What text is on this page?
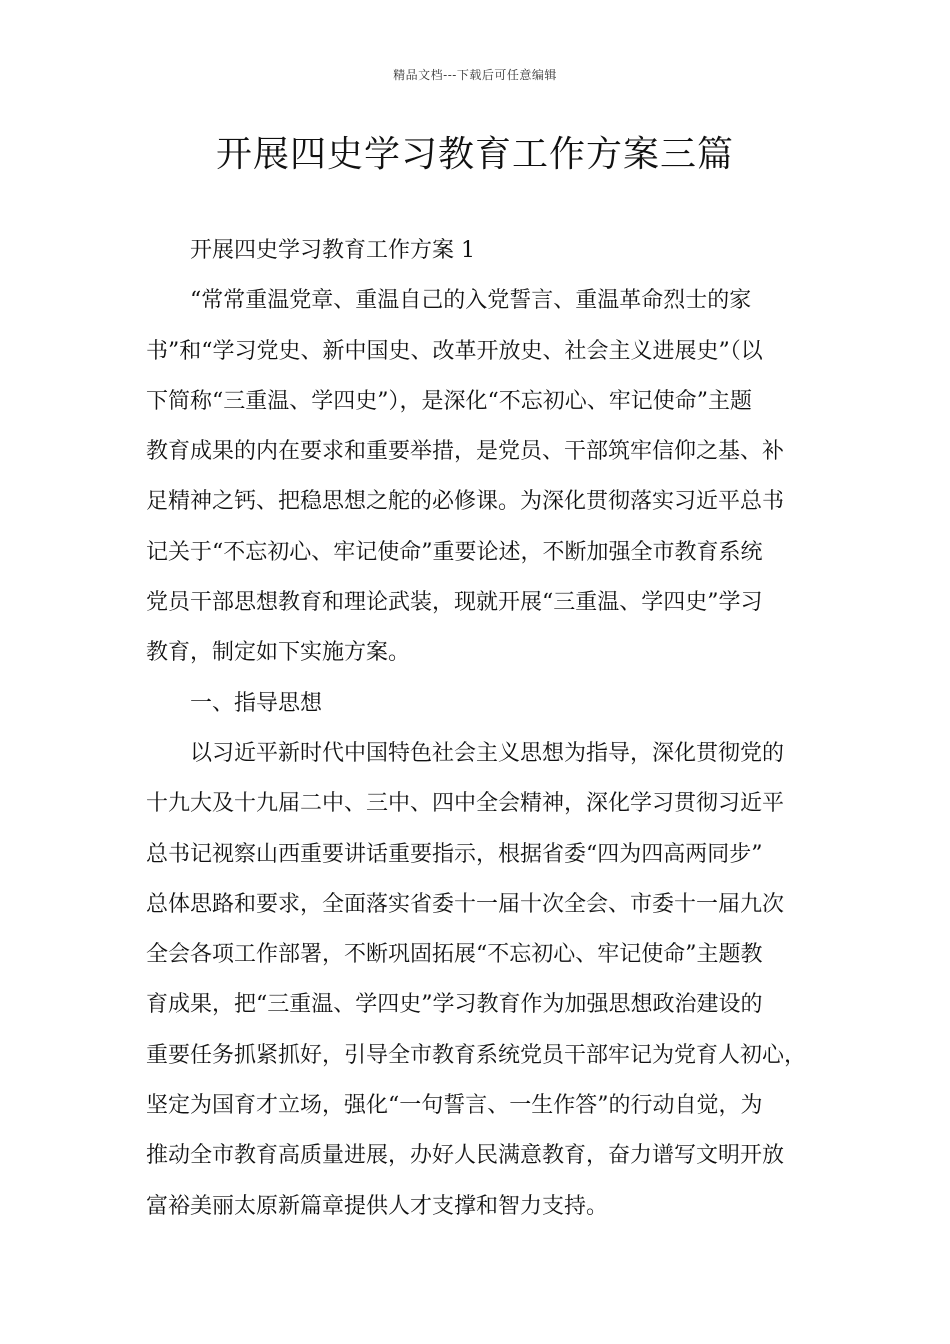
精品文档---下载后可任意编辑
开展四史学习教育工作方案三篇
开展四史学习教育工作方案 1
“常常重温党章、重温自己的入党誓言、重温革命烈士的家
书”和“学习党史、新中国史、改革开放史、社会主义进展史”（以
下简称“三重温、学四史”），是深化“不忘初心、牢记使命”主题
教育成果的内在要求和重要举措，是党员、干部筑牢信仰之基、补
足精神之钙、把稳思想之舵的必修课。为深化贯彻落实习近平总书
记关于“不忘初心、牢记使命”重要论述，不断加强全市教育系统
党员干部思想教育和理论武装，现就开展“三重温、学四史”学习
教育，制定如下实施方案。
一、指导思想
以习近平新时代中国特色社会主义思想为指导，深化贯彻党的
十九大及十九届二中、三中、四中全会精神，深化学习贯彻习近平
总书记视察山西重要讲话重要指示，根据省委“四为四高两同步”
总体思路和要求，全面落实省委十一届十次全会、市委十一届九次
全会各项工作部署，不断巩固拓展“不忘初心、牢记使命”主题教
育成果，把“三重温、学四史”学习教育作为加强思想政治建设的
重要任务抓紧抓好，引导全市教育系统党员干部牢记为党育人初心，
坚定为国育才立场，强化“一句誓言、一生作答”的行动自觉，为
推动全市教育高质量进展，办好人民满意教育，奋力谱写文明开放
富裕美丽太原新篇章提供人才支撑和智力支持。
